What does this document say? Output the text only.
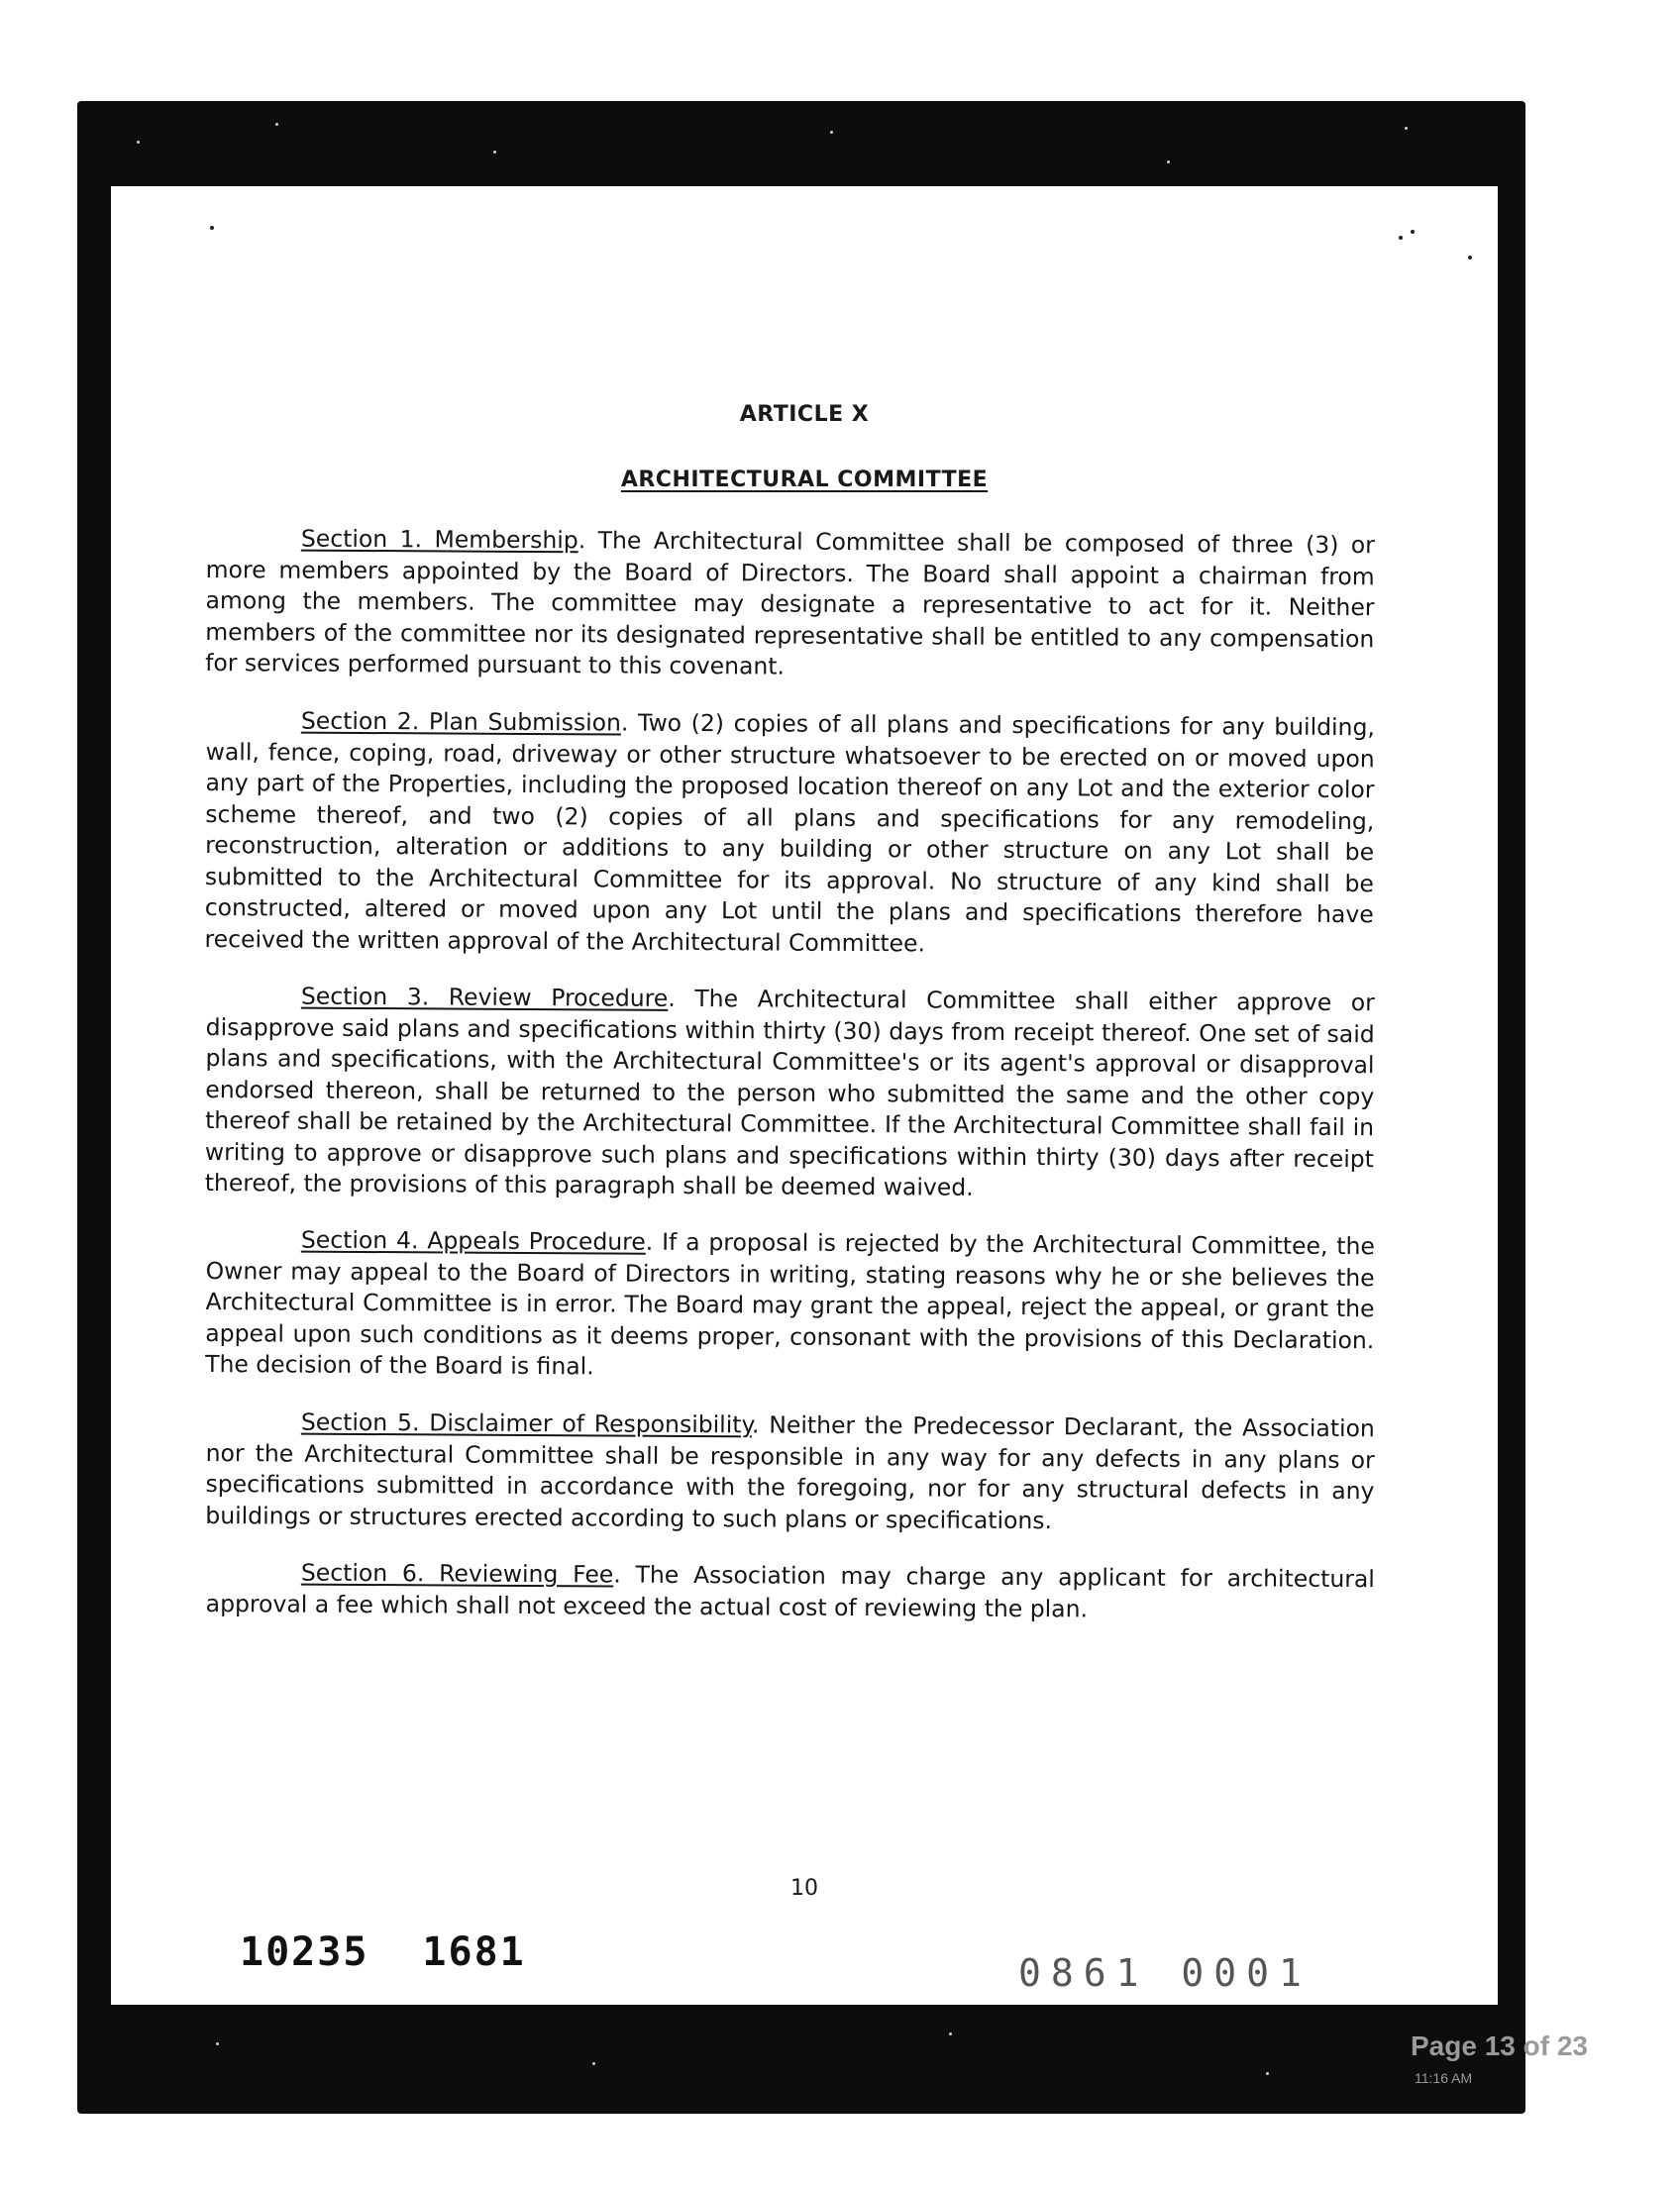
ARTICLE X
ARCHITECTURAL COMMITTEE

Section 1. Membership. The Architectural Committee shall be composed of three (3) or more members appointed by the Board of Directors. The Board shall appoint a chairman from among the members. The committee may designate a representative to act for it. Neither members of the committee nor its designated representative shall be entitled to any compensation for services performed pursuant to this covenant.

Section 2. Plan Submission. Two (2) copies of all plans and specifications for any building, wall, fence, coping, road, driveway or other structure whatsoever to be erected on or moved upon any part of the Properties, including the proposed location thereof on any Lot and the exterior color scheme thereof, and two (2) copies of all plans and specifications for any remodeling, reconstruction, alteration or additions to any building or other structure on any Lot shall be submitted to the Architectural Committee for its approval. No structure of any kind shall be constructed, altered or moved upon any Lot until the plans and specifications therefore have received the written approval of the Architectural Committee.

Section 3. Review Procedure. The Architectural Committee shall either approve or disapprove said plans and specifications within thirty (30) days from receipt thereof. One set of said plans and specifications, with the Architectural Committee's or its agent's approval or disapproval endorsed thereon, shall be returned to the person who submitted the same and the other copy thereof shall be retained by the Architectural Committee. If the Architectural Committee shall fail in writing to approve or disapprove such plans and specifications within thirty (30) days after receipt thereof, the provisions of this paragraph shall be deemed waived.

Section 4. Appeals Procedure. If a proposal is rejected by the Architectural Committee, the Owner may appeal to the Board of Directors in writing, stating reasons why he or she believes the Architectural Committee is in error. The Board may grant the appeal, reject the appeal, or grant the appeal upon such conditions as it deems proper, consonant with the provisions of this Declaration. The decision of the Board is final.

Section 5. Disclaimer of Responsibility. Neither the Predecessor Declarant, the Association nor the Architectural Committee shall be responsible in any way for any defects in any plans or specifications submitted in accordance with the foregoing, nor for any structural defects in any buildings or structures erected according to such plans or specifications.

Section 6. Reviewing Fee. The Association may charge any applicant for architectural approval a fee which shall not exceed the actual cost of reviewing the plan.

10
10235 1681	0861 0001
Page 13 of 23
11:16 AM
